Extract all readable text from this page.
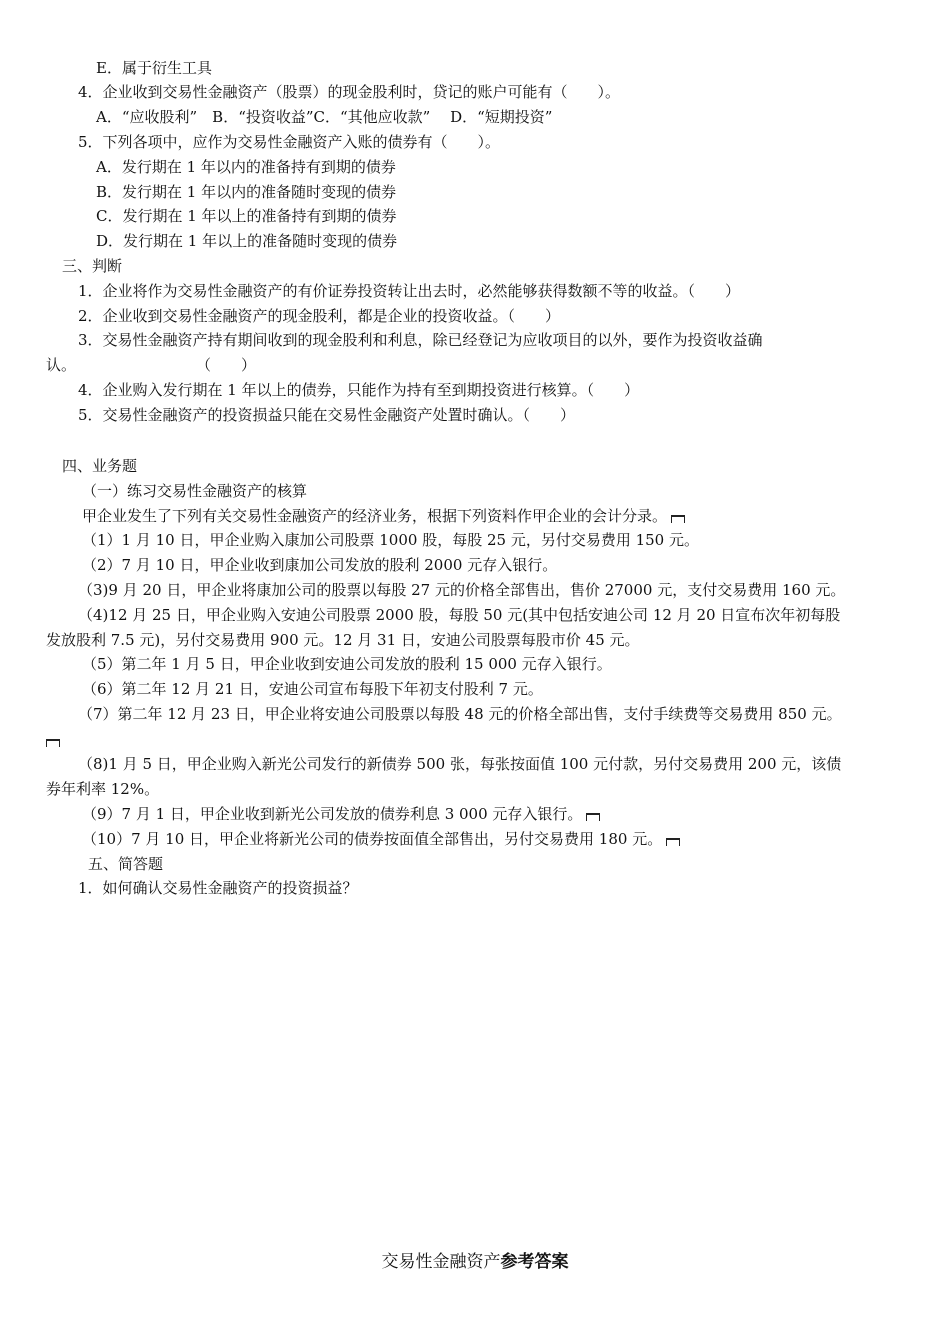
E．属于衍生工具
4．企业收到交易性金融资产（股票）的现金股利时，贷记的账户可能有（　　）。
A．“应收股利”　B．“投资收益”C．“其他应收款”　 D．“短期投资”
5．下列各项中，应作为交易性金融资产入账的债券有（　　）。
A．发行期在 1 年以内的准备持有到期的债券
B．发行期在 1 年以内的准备随时变现的债券
C．发行期在 1 年以上的准备持有到期的债券
D．发行期在 1 年以上的准备随时变现的债券
三、判断
1．企业将作为交易性金融资产的有价证券投资转让出去时，必然能够获得数额不等的收益。（　　）
2．企业收到交易性金融资产的现金股利，都是企业的投资收益。（　　）
3．交易性金融资产持有期间收到的现金股利和利息，除已经登记为应收项目的以外，要作为投资收益确
认。　　　　　　　　　（　　）
4．企业购入发行期在 1 年以上的债券，只能作为持有至到期投资进行核算。（　　）
5．交易性金融资产的投资损益只能在交易性金融资产处置时确认。（　　）
四、业务题
（一）练习交易性金融资产的核算
甲企业发生了下列有关交易性金融资产的经济业务，根据下列资料作甲企业的会计分录。
（1）1 月 10 日，甲企业购入康加公司股票 1000 股，每股 25 元，另付交易费用 150 元。
（2）7 月 10 日，甲企业收到康加公司发放的股利 2000 元存入银行。
（3)9 月 20 日，甲企业将康加公司的股票以每股 27 元的价格全部售出，售价 27000 元，支付交易费用 160 元。
（4)12 月 25 日，甲企业购入安迪公司股票 2000 股，每股 50 元(其中包括安迪公司 12 月 20 日宣布次年初每股
发放股利 7.5 元)，另付交易费用 900 元。12 月 31 日，安迪公司股票每股市价 45 元。
（5）第二年 1 月 5 日，甲企业收到安迪公司发放的股利 15 000 元存入银行。
（6）第二年 12 月 21 日，安迪公司宣布每股下年初支付股利 7 元。
（7）第二年 12 月 23 日，甲企业将安迪公司股票以每股 48 元的价格全部出售，支付手续费等交易费用 850 元。
（8)1 月 5 日，甲企业购入新光公司发行的新债券 500 张，每张按面值 100 元付款，另付交易费用 200 元，该债
券年利率 12%。
（9）7 月 1 日，甲企业收到新光公司发放的债券利息 3 000 元存入银行。
（10）7 月 10 日，甲企业将新光公司的债券按面值全部售出，另付交易费用 180 元。
五、简答题
1．如何确认交易性金融资产的投资损益？
交易性金融资产参考答案
